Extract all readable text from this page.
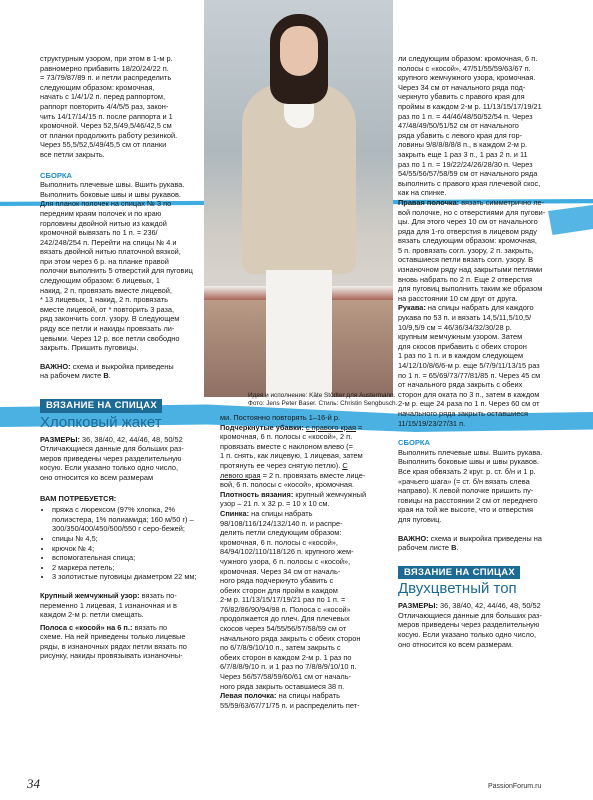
Идея и исполнение: Käte Stödter для Austermann.
Фото: Jens Peter Baser. Стиль: Christin Sengbusch.

структурным узором, при этом в 1-м р.
равномерно прибавить 18/20/24/22 п.
= 73/79/87/89 п. и петли распределить
следующим образом: кромочная,
начать с 1/4/1/2 п. перед раппортом,
раппорт повторить 4/4/5/5 раз, закон-
чить 14/17/14/15 п. после раппорта и 1
кромочной. Через 52,5/49,5/46/42,5 см
от планки продолжить работу резинкой.
Через 55,5/52,5/49/45,5 см от планки
все петли закрыть.

СБОРКА

Выполнить плечевые швы. Вшить рукава.
Выполнить боковые швы и швы рукавов.
Для планок полочек на спицах № 3 по
передним краям полочек и по краю
горловины двойной нитью из каждой
кромочной вывязать по 1 п. = 236/
242/248/254 п. Перейти на спицы № 4 и
вязать двойной нитью платочной вязкой,
при этом через 6 р. на планке правой
полочки выполнить 5 отверстий для пуговиц
следующим образом: 6 лицевых, 1
накид, 2 п. провязать вместе лицевой,
* 13 лицевых, 1 накид, 2 п. провязать
вместе лицевой, от * повторить 3 раза,
ряд закончить согл. узору. В следующем
ряду все петли и накиды провязать ли-
цевыми. Через 12 р. все петли свободно
закрыть. Пришить пуговицы.

ВАЖНО: схема и выкройка приведены
на рабочем листе B.

ВЯЗАНИЕ НА СПИЦАХ
Хлопковый жакет

РАЗМЕРЫ: 36, 38/40, 42, 44/46, 48, 50/52
Отличающиеся данные для больших раз-
меров приведены через разделительную
косую. Если указано только одно число,
оно относится ко всем размерам

ВАМ ПОТРЕБУЕТСЯ:

• пряжа с люрексом (97% хлопка, 2%
полиэстера, 1% полиамида; 160 м/50 г) –
300/350/400/450/500/550 г серо-бежей;
• спицы № 4,5;
• крючок № 4;
• вспомогательная спица;
• 2 маркера петель;
• 3 золотистые пуговицы диаметром 22 мм;

Крупный жемчужный узор: вязать по-
переменно 1 лицевая, 1 изнаночная и в
каждом 2-м р. петли смещать.

Полоса с «косой» на 6 п.: вязать по
схеме. На ней приведены только лицевые
ряды, в изнаночных рядах петли вязать по
рисунку, накиды провязывать изнаночны-

ми. Постоянно повторять 1–16-й р.

Подчеркнутые убавки: с правого края =
кромочная, 6 п. полосы с «косой», 2 п.
провязать вместе с наклоном влево (=
1 п. снять, как лицевую, 1 лицевая, затем
протянуть ее через снятую петлю). С
левого края = 2 п. провязать вместе лице-
вой, 6 п. полосы с «косой», кромочная.

Плотность вязания: крупный жемчужный
узор – 21 п. х 32 р. = 10 х 10 см.

Спинка: на спицы набрать
98/108/116/124/132/140 п. и распре-
делить петли следующим образом:
кромочная, 6 п. полосы с «косой»,
84/94/102/110/118/126 п. крупного жем-
чужного узора, 6 п. полосы с «косой»,
кромочная. Через 34 см от началь-
ного ряда подчеркнуто убавить с
обеих сторон для пройм в каждом
2-м р. 11/13/15/17/19/21 раз по 1 п. =
76/82/86/90/94/98 п. Полоса с «косой»
продолжается до плеч. Для плечевых
скосов через 54/55/56/57/58/59 см от
начального ряда закрыть с обеих сторон
по 6/7/8/9/10/10 п., затем закрыть с
обеих сторон в каждом 2-м р. 1 раз по
6/7/8/8/9/10 п. и 1 раз по 7/8/8/9/10/10 п.
Через 56/57/58/59/60/61 см от началь-
ного ряда закрыть оставшиеся 38 п.

Левая полочка: на спицы набрать
55/59/63/67/71/75 п. и распределить пет-

ли следующим образом: кромочная, 6 п.
полосы с «косой», 47/51/55/59/63/67 п.
крупного жемчужного узора, кромочная.
Через 34 см от начального ряда под-
черкнуто убавить с правого края для
проймы в каждом 2-м р. 11/13/15/17/19/21
раз по 1 п. = 44/46/48/50/52/54 п. Через
47/48/49/50/51/52 см от начального
ряда убавить с левого края для гор-
ловины 9/8/8/8/8/8 п., в каждом 2-м р.
закрыть еще 1 раз 3 п., 1 раз 2 п. и 11
раз по 1 п. = 19/22/24/26/28/30 п. Через
54/55/56/57/58/59 см от начального ряда
выполнить с правого края плечевой скос,
как на спинке.

Правая полочка: вязать симметрично ле-
вой полочке, но с отверстиями для пугови-
цы. Для этого через 10 см от начального
ряда для 1-го отверстия в лицевом ряду
вязать следующим образом: кромочная,
5 п. провязать согл. узору, 2 п. закрыть,
оставшиеся петли вязать согл. узору. В
изнаночном ряду над закрытыми петлями
вновь набрать по 2 п. Еще 2 отверстия
для пуговиц выполнить таким же образом
на расстоянии 10 см друг от друга.

Рукава: на спицы набрать для каждого
рукава по 53 п. и вязать 14,5/11,5/10,5/
10/9,5/9 см = 46/36/34/32/30/28 р.
крупным жемчужным узором. Затем
для скосов прибавить с обеих сторон
1 раз по 1 п. и в каждом следующем
14/12/10/8/6/6-м р. еще 5/7/9/11/13/15 раз
по 1 п. = 65/69/73/77/81/85 п. Через 45 см
от начального ряда закрыть с обеих
сторон для оката по 3 п., затем в каждом
2-м р. еще 24 раза по 1 п. Через 60 см от
начального ряда закрыть оставшиеся
11/15/19/23/27/31 п.

СБОРКА

Выполнить плечевые швы. Вшить рукава.
Выполнить боковые швы и швы рукавов.
Все края обвязать 2 круг. р. ст. б/н и 1 р.
«рачьего шага» (= ст. б/н вязать слева
направо). К левой полочке пришить пу-
говицы на расстоянии 2 см от переднего
края на той же высоте, что и отверстия
для пуговиц.

ВАЖНО: схема и выкройка приведены на
рабочем листе B.

ВЯЗАНИЕ НА СПИЦАХ
Двухцветный топ

РАЗМЕРЫ: 36, 38/40, 42, 44/46, 48, 50/52
Отличающиеся данные для больших раз-
меров приведены через разделительную
косую. Если указано только одно число,
оно относится ко всем размерам.

34	PassionForum.ru
